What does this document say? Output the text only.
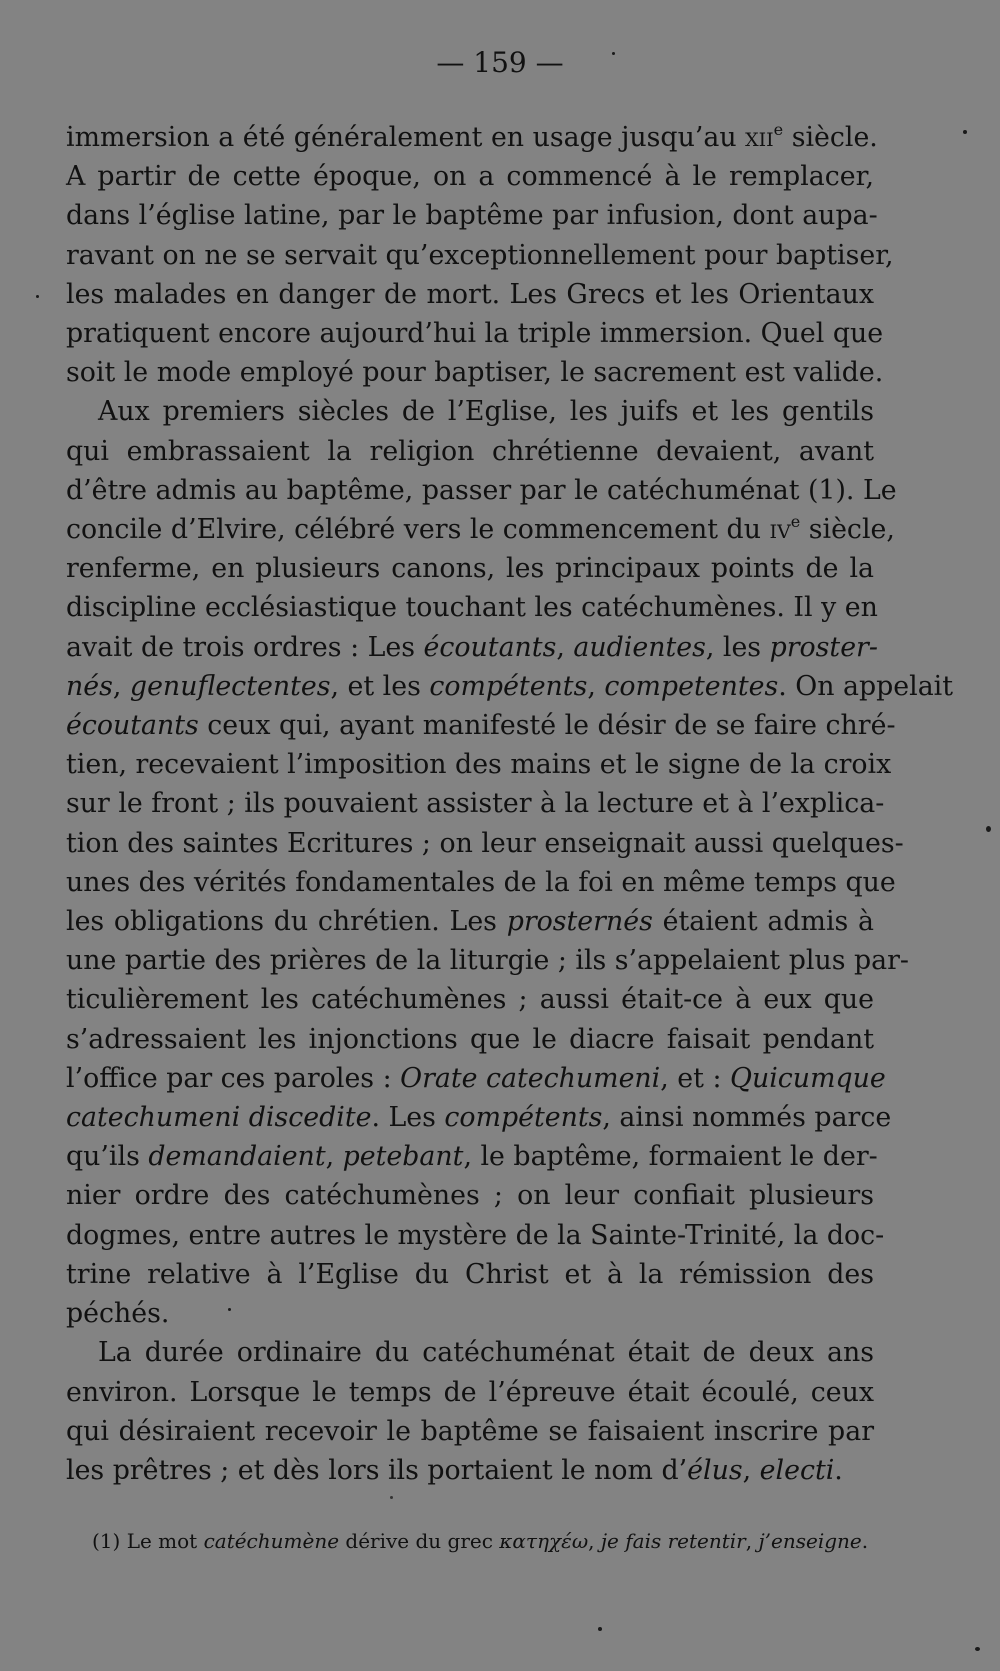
— 159 —
immersion a été généralement en usage jusqu’au xii$^e$ siècle.
A partir de cette époque, on a commencé à le remplacer,
dans l’église latine, par le baptême par infusion, dont aupa-
ravant on ne se servait qu’exceptionnellement pour baptiser,
les malades en danger de mort. Les Grecs et les Orientaux
pratiquent encore aujourd’hui la triple immersion. Quel que
soit le mode employé pour baptiser, le sacrement est valide.
Aux premiers siècles de l’Eglise, les juifs et les gentils
qui embrassaient la religion chrétienne devaient, avant
d’être admis au baptême, passer par le catéchuménat (1). Le
concile d’Elvire, célébré vers le commencement du $iv^e$ siècle,
renferme, en plusieurs canons, les principaux points de la
discipline ecclésiastique touchant les catéchumènes. Il y en
avait de trois ordres : Les écoutants, audientes, les proster-
nés, genuflectentes, et les compétents, competentes. On appelait
écoutants ceux qui, ayant manifesté le désir de se faire chré-
tien, recevaient l’imposition des mains et le signe de la croix
sur le front ; ils pouvaient assister à la lecture et à l’explica-
tion des saintes Ecritures ; on leur enseignait aussi quelques-
unes des vérités fondamentales de la foi en même temps que
les obligations du chrétien. Les prosternés étaient admis à
une partie des prières de la liturgie ; ils s’appelaient plus par-
ticulièrement les catéchumènes ; aussi était-ce à eux que
s’adressaient les injonctions que le diacre faisait pendant
l’office par ces paroles : Orate catechumeni, et : Quicumque
catechumeni discedite. Les compétents, ainsi nommés parce
qu’ils demandaient, petebant, le baptême, formaient le der-
nier ordre des catéchumènes ; on leur confiait plusieurs
dogmes, entre autres le mystère de la Sainte-Trinité, la doc-
trine relative à l’Eglise du Christ et à la rémission des
péchés.
La durée ordinaire du catéchuménat était de deux ans
environ. Lorsque le temps de l’épreuve était écoulé, ceux
qui désiraient recevoir le baptême se faisaient inscrire par
les prêtres ; et dès lors ils portaient le nom d’élus, electi.
(1) Le mot catéchumène dérive du grec κατηχέω, je fais retentir, j’enseigne.
